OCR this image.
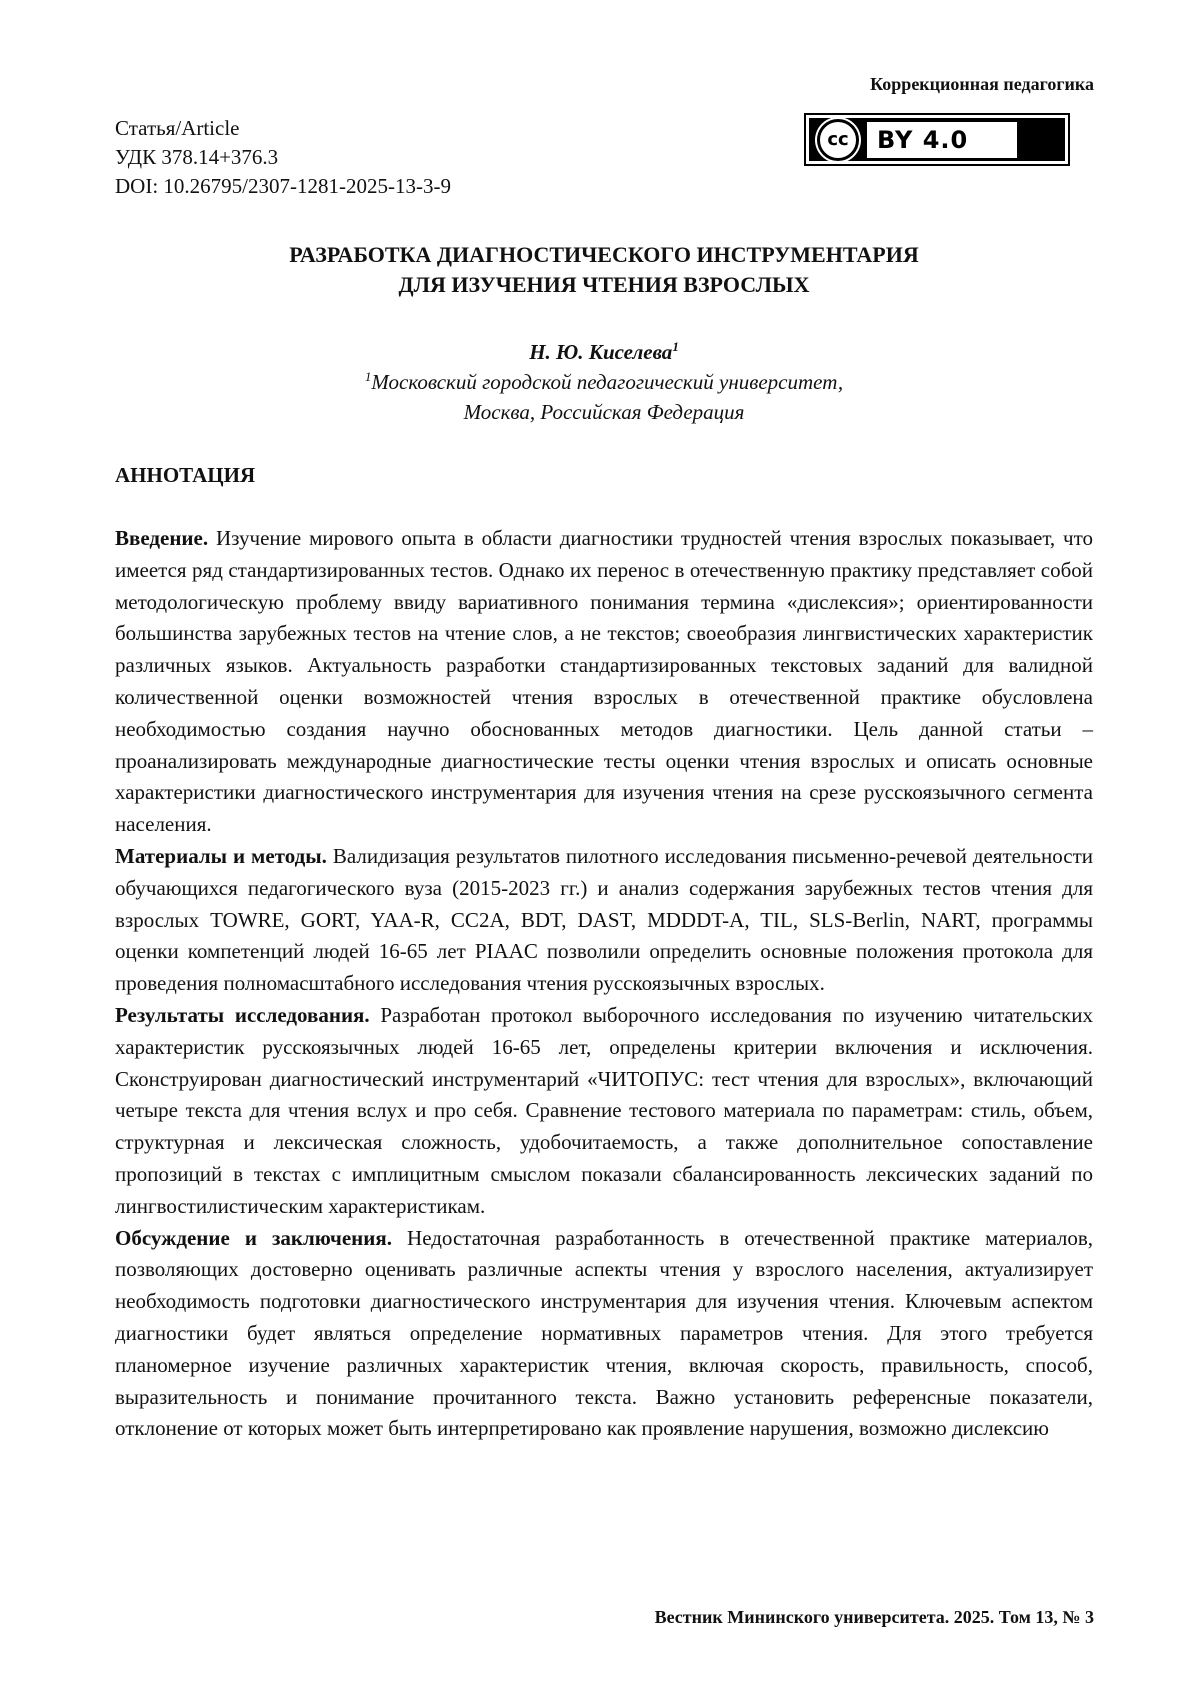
Коррекционная педагогика
Статья/Article
УДК 378.14+376.3
DOI: 10.26795/2307-1281-2025-13-3-9
cc	BY 4.0
РАЗРАБОТКА ДИАГНОСТИЧЕСКОГО ИНСТРУМЕНТАРИЯ
ДЛЯ ИЗУЧЕНИЯ ЧТЕНИЯ ВЗРОСЛЫХ
Н. Ю. Киселева1
1Московский городской педагогический университет,
Москва, Российская Федерация
АННОТАЦИЯ

Введение. Изучение мирового опыта в области диагностики трудностей чтения взрослых показывает, что имеется ряд стандартизированных тестов. Однако их перенос в отечественную практику представляет собой методологическую проблему ввиду вариативного понимания термина «дислексия»; ориентированности большинства зарубежных тестов на чтение слов, а не текстов; своеобразия лингвистических характеристик различных языков. Актуальность разработки стандартизированных текстовых заданий для валидной количественной оценки возможностей чтения взрослых в отечественной практике обусловлена необходимостью создания научно обоснованных методов диагностики. Цель данной статьи – проанализировать международные диагностические тесты оценки чтения взрослых и описать основные характеристики диагностического инструментария для изучения чтения на срезе русскоязычного сегмента населения.

Материалы и методы. Валидизация результатов пилотного исследования письменно-речевой деятельности обучающихся педагогического вуза (2015-2023 гг.) и анализ содержания зарубежных тестов чтения для взрослых TOWRE, GORT, YAA-R, CC2A, BDT, DAST, MDDDT-A, TIL, SLS-Berlin, NART, программы оценки компетенций людей 16-65 лет PIAAC позволили определить основные положения протокола для проведения полномасштабного исследования чтения русскоязычных взрослых.

Результаты исследования. Разработан протокол выборочного исследования по изучению читательских характеристик русскоязычных людей 16-65 лет, определены критерии включения и исключения. Сконструирован диагностический инструментарий «ЧИТОПУС: тест чтения для взрослых», включающий четыре текста для чтения вслух и про себя. Сравнение тестового материала по параметрам: стиль, объем, структурная и лексическая сложность, удобочитаемость, а также дополнительное сопоставление пропозиций в текстах с имплицитным смыслом показали сбалансированность лексических заданий по лингвостилистическим характеристикам.

Обсуждение и заключения. Недостаточная разработанность в отечественной практике материалов, позволяющих достоверно оценивать различные аспекты чтения у взрослого населения, актуализирует необходимость подготовки диагностического инструментария для изучения чтения. Ключевым аспектом диагностики будет являться определение нормативных параметров чтения. Для этого требуется планомерное изучение различных характеристик чтения, включая скорость, правильность, способ, выразительность и понимание прочитанного текста. Важно установить референсные показатели, отклонение от которых может быть интерпретировано как проявление нарушения, возможно дислексию

Вестник Мининского университета. 2025. Том 13, № 3
